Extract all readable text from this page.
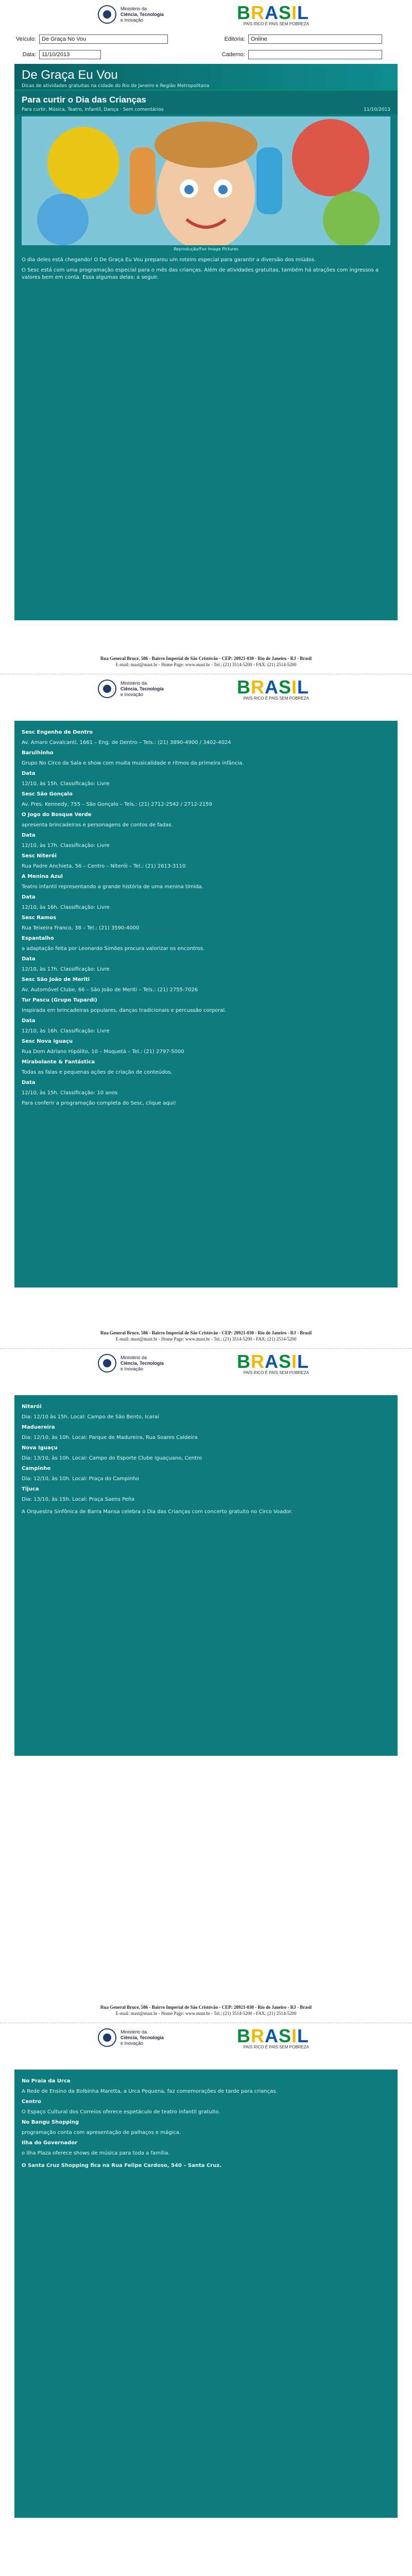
Ministério da
Ciência, Tecnologia
e Inovação	BRASIL
PAÍS RICO É PAÍS SEM POBREZA
Veículo:	De Graça No Vou	Editoria:	Online
Data:	11/10/2013	Caderno:
De Graça Eu Vou

Dicas de atividades gratuitas na cidade do Rio de Janeiro e Região Metropolitana

Para curtir o Dia das Crianças
Para curtir, Música, Teatro, Infantil, Dança · Sem comentários	11/10/2013
Reprodução/Fox Image Pictures

O dia deles está chegando! O De Graça Eu Vou preparou um roteiro especial para garantir a diversão dos miúdos.

O Sesc está com uma programação especial para o mês das crianças. Além de atividades gratuitas, também há atrações com ingressos a valores bem em conta. Essa algumas delas: a seguir.

Rua General Bruce, 586 - Bairro Imperial de São Cristóvão - CEP: 20921-030 - Rio de Janeiro - RJ - Brasil
E-mail: mast@mast.br - Home Page: www.mast.br - Tel.: (21) 3514-5200 - FAX: (21) 2514-5200
Ministério da
Ciência, Tecnologia
e Inovação	BRASIL
PAÍS RICO É PAÍS SEM POBREZA

Sesc Engenho de Dentro

Av. Amaro Cavalcanti, 1661 – Eng. de Dentro – Tels.: (21) 3890-4900 / 3402-4024

Barulhinho

Grupo No Circo da Sala e show com muita musicalidade e ritmos da primeira infância.

Data

12/10, às 15h. Classificação: Livre

Sesc São Gonçalo

Av. Pres. Kennedy, 755 – São Gonçalo – Tels.: (21) 2712-2542 / 2712-2159

O Jogo do Bosque Verde

apresenta brincadeiras e personagens de contos de fadas.

Data

12/10, às 17h. Classificação: Livre

Sesc Niterói

Rua Padre Anchieta, 56 – Centro – Niterói – Tel.: (21) 2613-3110

A Menina Azul

Teatro infantil representando a grande história de uma menina tímida.

Data

12/10, às 16h. Classificação: Livre

Sesc Ramos

Rua Teixeira Franco, 38 – Tel.: (21) 3590-4000

Espantalho

a adaptação feita por Leonardo Simões procura valorizar os encontros.

Data

12/10, às 17h. Classificação: Livre

Sesc São João de Meriti

Av. Automóvel Clube, 66 – São João de Meriti – Tels.: (21) 2755-7026

Tur Pascu (Grupo Tupardi)

Inspirada em brincadeiras populares, danças tradicionais e percussão corporal.

Data

12/10, às 16h. Classificação: Livre

Sesc Nova Iguaçu

Rua Dom Adriano Hipólito, 10 – Moquetá – Tel.: (21) 2797-5000

Mirabolante & Fantástica

Todas as falas e pequenas ações de criação de conteúdos.

Data

12/10, às 15h. Classificação: 10 anos

Para conferir a programação completa do Sesc, clique aqui!

Rua General Bruce, 586 - Bairro Imperial de São Cristóvão - CEP: 20921-030 - Rio de Janeiro - RJ - Brasil
E-mail: mast@mast.br - Home Page: www.mast.br - Tel.: (21) 3514-5200 - FAX: (21) 2514-5200
Ministério da
Ciência, Tecnologia
e Inovação	BRASIL
PAÍS RICO É PAÍS SEM POBREZA

Niterói

Dia: 12/10 às 15h. Local: Campo de São Bento, Icaraí

Maduereira

Dia: 12/10, às 10h. Local: Parque de Madureira, Rua Soares Caldeira

Nova Iguaçu

Dia: 13/10, às 10h. Local: Campo do Esporte Clube Iguaçuano, Centro

Campinho

Dia: 12/10, às 10h. Local: Praça do Campinho

Tijuca

Dia: 13/10, às 15h. Local: Praça Saens Peña

A Orquestra Sinfônica de Barra Mansa celebra o Dia das Crianças com concerto gratuito no Circo Voador.

Rua General Bruce, 586 - Bairro Imperial de São Cristóvão - CEP: 20921-030 - Rio de Janeiro - RJ - Brasil
E-mail: mast@mast.br - Home Page: www.mast.br - Tel.: (21) 3514-5200 - FAX: (21) 2514-5200
Ministério da
Ciência, Tecnologia
e Inovação	BRASIL
PAÍS RICO É PAÍS SEM POBREZA

No Praia da Urca

A Rede de Ensino da Bolbinha Maretta, a Urca Pequena, faz comemorações de tarde para crianças.

Centro

O Espaço Cultural dos Correios oferece espetáculo de teatro infantil gratuito.

No Bangu Shopping

programação conta com apresentação de palhaços e mágica.

Ilha do Governador

o Ilha Plaza oferece shows de música para toda a família.

O Santa Cruz Shopping fica na Rua Felipe Cardoso, 540 – Santa Cruz.
